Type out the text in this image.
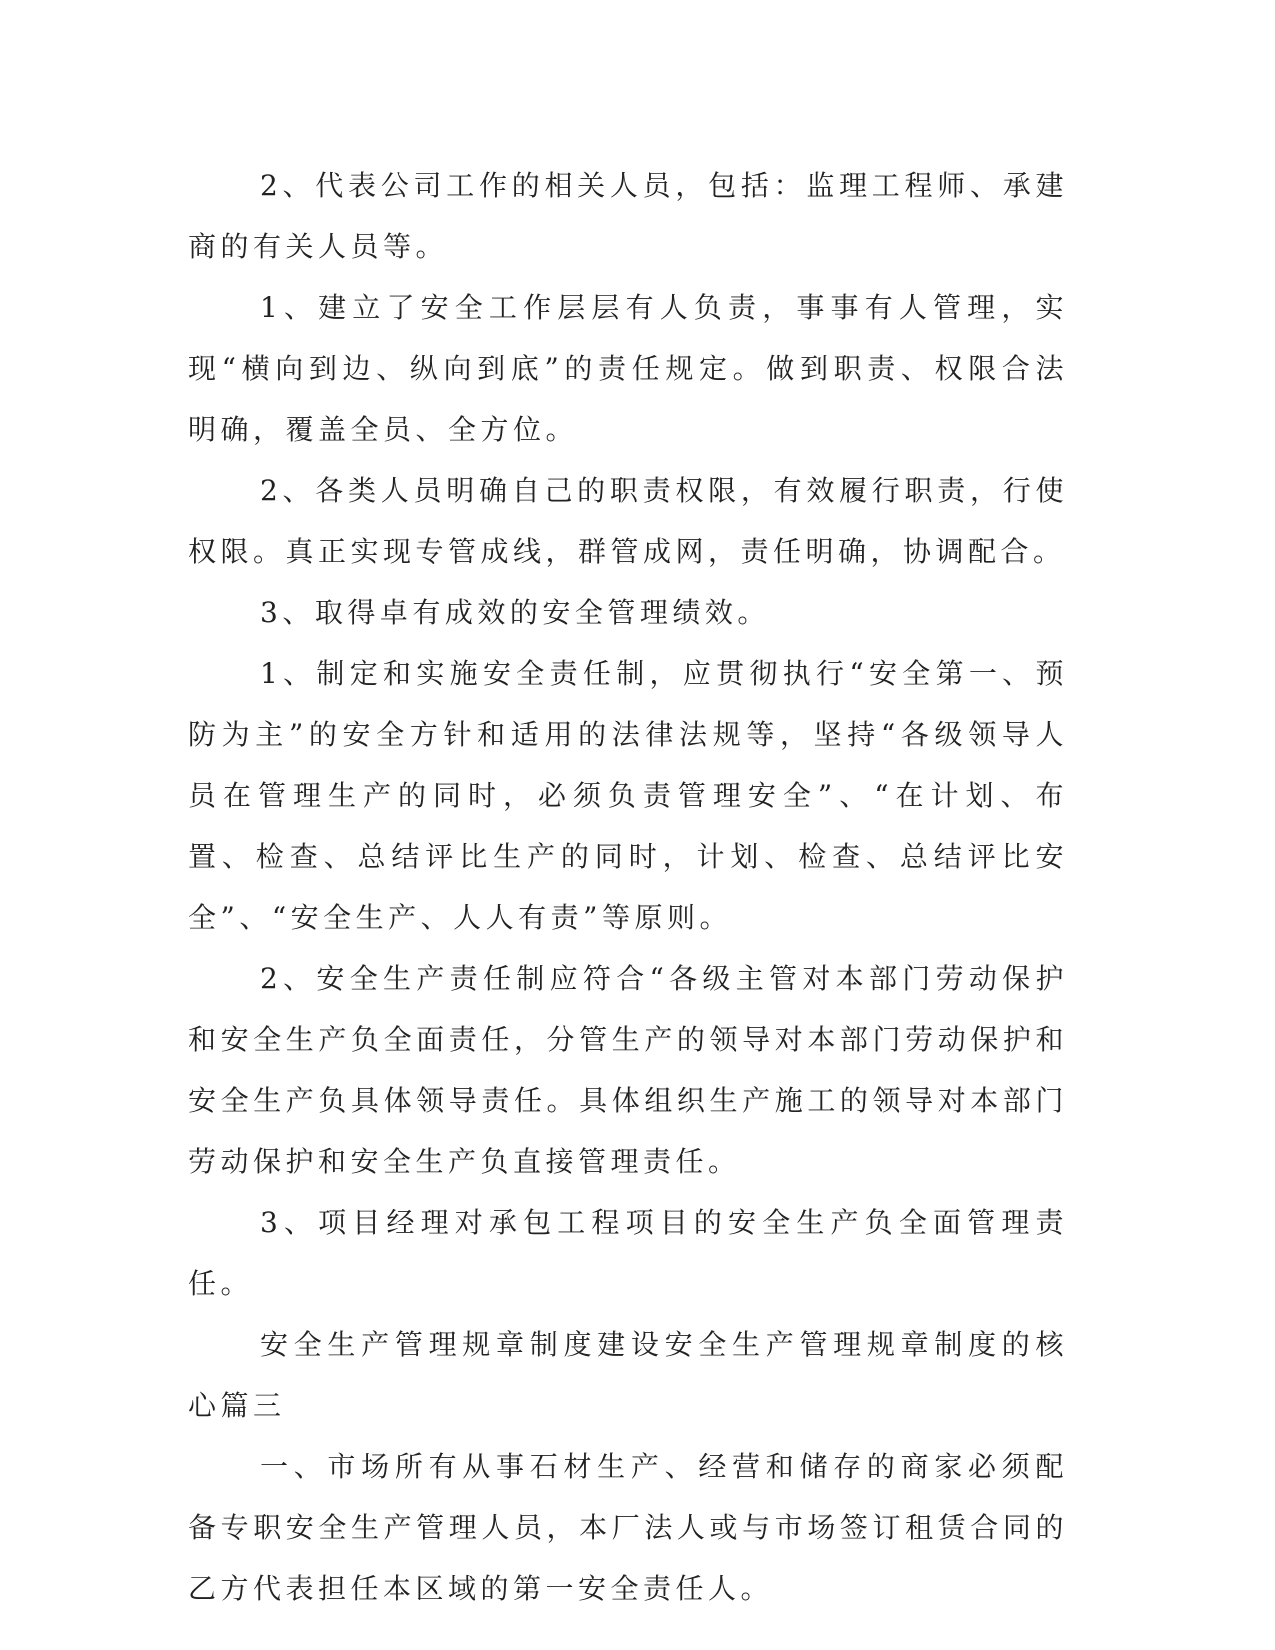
2、代表公司工作的相关人员，包括：监理工程师、承建商的有关人员等。

1、建立了安全工作层层有人负责，事事有人管理，实现“横向到边、纵向到底”的责任规定。做到职责、权限合法明确，覆盖全员、全方位。

2、各类人员明确自己的职责权限，有效履行职责，行使权限。真正实现专管成线，群管成网，责任明确，协调配合。

3、取得卓有成效的安全管理绩效。

1、制定和实施安全责任制，应贯彻执行“安全第一、预防为主”的安全方针和适用的法律法规等，坚持“各级领导人员在管理生产的同时，必须负责管理安全”、“在计划、布置、检查、总结评比生产的同时，计划、检查、总结评比安全”、“安全生产、人人有责”等原则。

2、安全生产责任制应符合“各级主管对本部门劳动保护和安全生产负全面责任，分管生产的领导对本部门劳动保护和安全生产负具体领导责任。具体组织生产施工的领导对本部门劳动保护和安全生产负直接管理责任。

3、项目经理对承包工程项目的安全生产负全面管理责任。

安全生产管理规章制度建设安全生产管理规章制度的核心篇三

一、市场所有从事石材生产、经营和储存的商家必须配备专职安全生产管理人员，本厂法人或与市场签订租赁合同的乙方代表担任本区域的第一安全责任人。
